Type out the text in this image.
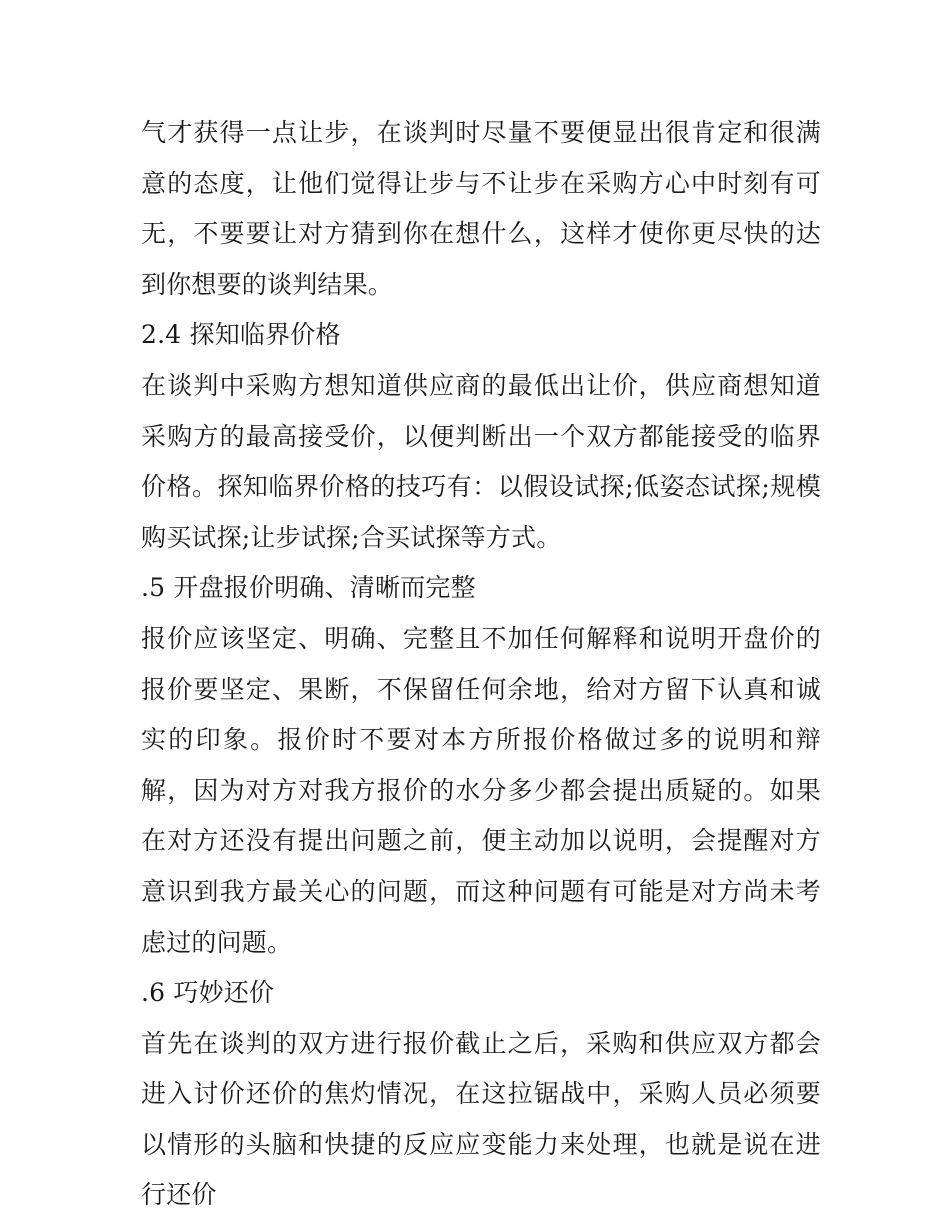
气才获得一点让步，在谈判时尽量不要便显出很肯定和很满意的态度，让他们觉得让步与不让步在采购方心中时刻有可无，不要要让对方猜到你在想什么，这样才使你更尽快的达到你想要的谈判结果。

2.4 探知临界价格

在谈判中采购方想知道供应商的最低出让价，供应商想知道采购方的最高接受价，以便判断出一个双方都能接受的临界价格。探知临界价格的技巧有：以假设试探;低姿态试探;规模购买试探;让步试探;合买试探等方式。

.5 开盘报价明确、清晰而完整

报价应该坚定、明确、完整且不加任何解释和说明开盘价的报价要坚定、果断，不保留任何余地，给对方留下认真和诚实的印象。报价时不要对本方所报价格做过多的说明和辩解，因为对方对我方报价的水分多少都会提出质疑的。如果在对方还没有提出问题之前，便主动加以说明，会提醒对方意识到我方最关心的问题，而这种问题有可能是对方尚未考虑过的问题。

.6 巧妙还价

首先在谈判的双方进行报价截止之后，采购和供应双方都会进入讨价还价的焦灼情况，在这拉锯战中，采购人员必须要以情形的头脑和快捷的反应应变能力来处理，也就是说在进行还价
